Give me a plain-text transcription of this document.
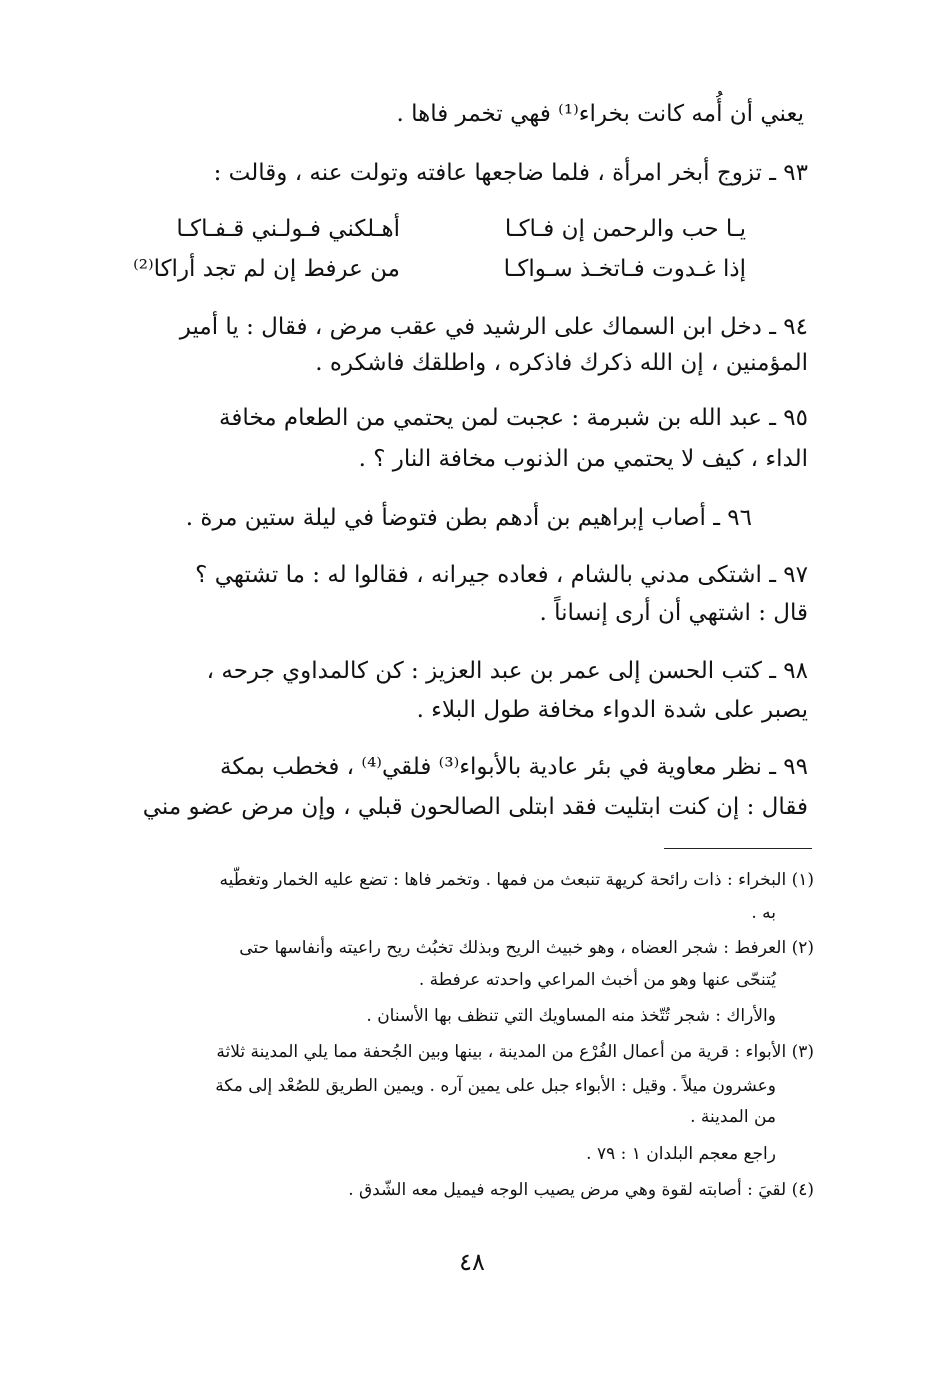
يعني أن أُمه كانت بخراء⁽¹⁾ فهي تخمر فاها .
٩٣ ـ تزوج أبخر امرأة ، فلما ضاجعها عافته وتولت عنه ، وقالت :
يـا حب والرحمن إن فـاكـا
أهـلكني فـولـني قـفـاكـا
إذا غـدوت فـاتخـذ سـواكـا
من عرفط إن لم تجد أراكا⁽²⁾
٩٤ ـ دخل ابن السماك على الرشيد في عقب مرض ، فقال : يا أمير
المؤمنين ، إن الله ذكرك فاذكره ، واطلقك فاشكره .
٩٥ ـ عبد الله بن شبرمة : عجبت لمن يحتمي من الطعام مخافة
الداء ، كيف لا يحتمي من الذنوب مخافة النار ؟ .
٩٦ ـ أصاب إبراهيم بن أدهم بطن فتوضأ في ليلة ستين مرة .
٩٧ ـ اشتكى مدني بالشام ، فعاده جيرانه ، فقالوا له : ما تشتهي ؟
قال : اشتهي أن أرى إنساناً .
٩٨ ـ كتب الحسن إلى عمر بن عبد العزيز : كن كالمداوي جرحه ،
يصبر على شدة الدواء مخافة طول البلاء .
٩٩ ـ نظر معاوية في بئر عادية بالأبواء⁽³⁾ فلقي⁽⁴⁾ ، فخطب بمكة
فقال : إن كنت ابتليت فقد ابتلى الصالحون قبلي ، وإن مرض عضو مني
(١) البخراء : ذات رائحة كريهة تنبعث من فمها . وتخمر فاها : تضع عليه الخمار وتغطّيه
به .
(٢) العرفط : شجر العضاه ، وهو خبيث الريح وبذلك تخبُث ريح راعيته وأنفاسها حتى
يُتنحّى عنها وهو من أخبث المراعي واحدته عرفطة .
والأراك : شجر تُتّخذ منه المساويك التي تنظف بها الأسنان .
(٣) الأبواء : قرية من أعمال الفُرْع من المدينة ، بينها وبين الجُحفة مما يلي المدينة ثلاثة
وعشرون ميلاً . وقيل : الأبواء جبل على يمين آره . ويمين الطريق للصُعْد إلى مكة
من المدينة .
راجع معجم البلدان ١ : ٧٩ .
(٤) لقيَ : أصابته لقوة وهي مرض يصيب الوجه فيميل معه الشّدق .
٤٨
